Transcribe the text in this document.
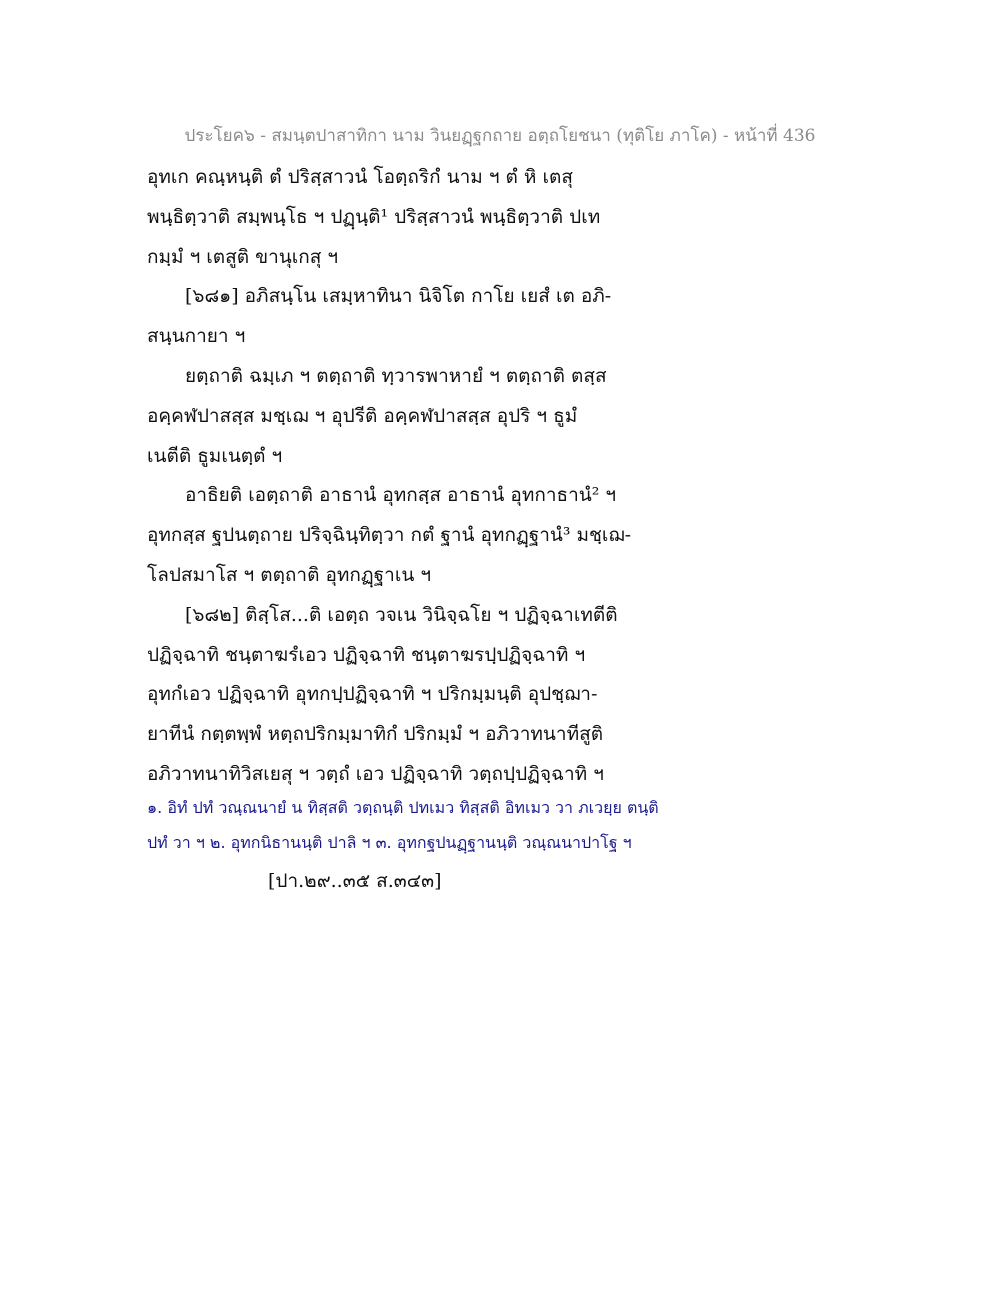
ประโยค๖ - สมนฺตปาสาทิกา นาม วินยฏฺฐกถาย อตฺถโยชนา (ทุติโย ภาโค) - หน้าที่ 436
อุทเก คณฺหนฺติ ตํ ปริสฺสาวนํ โอตฺถริกํ นาม ฯ ตํ หิ เตสุ
พนฺธิตฺวาติ สมฺพนฺโธ ฯ ปฏฺนฺติ¹ ปริสฺสาวนํ พนฺธิตฺวาติ ปเท
กมฺมํ ฯ เตสูติ ขานุเกสุ ฯ
[๖๘๑] อภิสนฺโน เสมฺหาทินา นิจิโต กาโย เยสํ เต อภิ-
สนฺนกายา ฯ
ยตฺถาติ ฉมฺเภ ฯ ตตฺถาติ ทฺวารพาหายํ ฯ ตตฺถาติ ตสฺส
อคฺคฬปาสสฺส มชฺเฌ ฯ อุปรีติ อคฺคฬปาสสฺส อุปริ ฯ ธูมํ
เนตีติ ธูมเนตฺตํ ฯ
อาธิยติ เอตฺถาติ อาธานํ อุทกสฺส อาธานํ อุทกาธานํ² ฯ
อุทกสฺส ฐปนตฺถาย ปริจฺฉินฺทิตฺวา กตํ ฐานํ อุทกฏฺฐานํ³ มชฺเฌ-
โลปสมาโส ฯ ตตฺถาติ อุทกฏฺฐาเน ฯ
[๖๘๒] ติสฺโส...ติ เอตฺถ วจเน วินิจฺฉโย ฯ ปฏิจฺฉาเทตีติ
ปฏิจฺฉาทิ ชนฺตาฆรํเอว ปฏิจฺฉาทิ ชนฺตาฆรปฺปฏิจฺฉาทิ ฯ
อุทกํเอว ปฏิจฺฉาทิ อุทกปฺปฏิจฺฉาทิ ฯ ปริกมฺมนฺติ อุปชฺฌา-
ยาทีนํ กตฺตพฺพํ หตฺถปริกมฺมาทิกํ ปริกมฺมํ ฯ อภิวาทนาทีสูติ
อภิวาทนาทิวิสเยสุ ฯ วตฺถํ เอว ปฏิจฺฉาทิ วตฺถปฺปฏิจฺฉาทิ ฯ
๑. อิทํ ปทํ วณฺณนายํ น ทิสฺสติ วตฺถนฺติ ปทเมว ทิสฺสติ อิทเมว วา ภเวยฺย ตนฺติ
ปทํ วา ฯ ๒. อุทกนิธานนฺติ ปาลิ ฯ ๓. อุทกฐปนฏฺฐานนฺติ วณฺณนาปาโฐ ฯ
[ปา.๒๙..๓๕ ส.๓๔๓]
